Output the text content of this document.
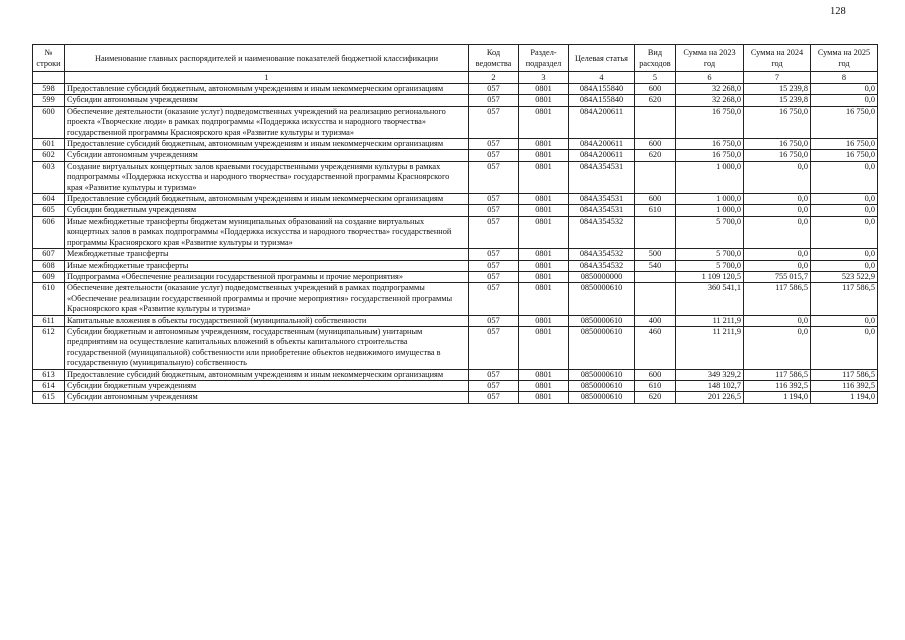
128
№ строки	Наименование главных распорядителей и наименование показателей бюджетной классификации	Код ведомства	Раздел-подраздел	Целевая статья	Вид расходов	Сумма на 2023 год	Сумма на 2024 год	Сумма на 2025 год
	1	2	3	4	5	6	7	8
598	Предоставление субсидий бюджетным, автономным учреждениям и иным некоммерческим организациям	057	0801	084A155840	600	32 268,0	15 239,8	0,0
599	Субсидии автономным учреждениям	057	0801	084A155840	620	32 268,0	15 239,8	0,0
600	Обеспечение деятельности (оказание услуг) подведомственных учреждений на реализацию регионального проекта «Творческие люди» в рамках подпрограммы «Поддержка искусства и народного творчества» государственной программы Красноярского края «Развитие культуры и туризма»	057	0801	084A200611		16 750,0	16 750,0	16 750,0
601	Предоставление субсидий бюджетным, автономным учреждениям и иным некоммерческим организациям	057	0801	084A200611	600	16 750,0	16 750,0	16 750,0
602	Субсидии автономным учреждениям	057	0801	084A200611	620	16 750,0	16 750,0	16 750,0
603	Создание виртуальных концертных залов краевыми государственными учреждениями культуры в рамках подпрограммы «Поддержка искусства и народного творчества» государственной программы Красноярского края «Развитие культуры и туризма»	057	0801	084A354531		1 000,0	0,0	0,0
604	Предоставление субсидий бюджетным, автономным учреждениям и иным некоммерческим организациям	057	0801	084A354531	600	1 000,0	0,0	0,0
605	Субсидии бюджетным учреждениям	057	0801	084A354531	610	1 000,0	0,0	0,0
606	Иные межбюджетные трансферты бюджетам муниципальных образований на создание виртуальных концертных залов в рамках подпрограммы «Поддержка искусства и народного творчества» государственной программы Красноярского края «Развитие культуры и туризма»	057	0801	084A354532		5 700,0	0,0	0,0
607	Межбюджетные трансферты	057	0801	084A354532	500	5 700,0	0,0	0,0
608	Иные межбюджетные трансферты	057	0801	084A354532	540	5 700,0	0,0	0,0
609	Подпрограмма «Обеспечение реализации государственной программы и прочие мероприятия»	057	0801	0850000000		1 109 120,5	755 015,7	523 522,9
610	Обеспечение деятельности (оказание услуг) подведомственных учреждений в рамках подпрограммы «Обеспечение реализации государственной программы и прочие мероприятия» государственной программы Красноярского края «Развитие культуры и туризма»	057	0801	0850000610		360 541,1	117 586,5	117 586,5
611	Капитальные вложения в объекты государственной (муниципальной) собственности	057	0801	0850000610	400	11 211,9	0,0	0,0
612	Субсидии бюджетным и автономным учреждениям, государственным (муниципальным) унитарным предприятиям на осуществление капитальных вложений в объекты капитального строительства государственной (муниципальной) собственности или приобретение объектов недвижимого имущества в государственную (муниципальную) собственность	057	0801	0850000610	460	11 211,9	0,0	0,0
613	Предоставление субсидий бюджетным, автономным учреждениям и иным некоммерческим организациям	057	0801	0850000610	600	349 329,2	117 586,5	117 586,5
614	Субсидии бюджетным учреждениям	057	0801	0850000610	610	148 102,7	116 392,5	116 392,5
615	Субсидии автономным учреждениям	057	0801	0850000610	620	201 226,5	1 194,0	1 194,0
